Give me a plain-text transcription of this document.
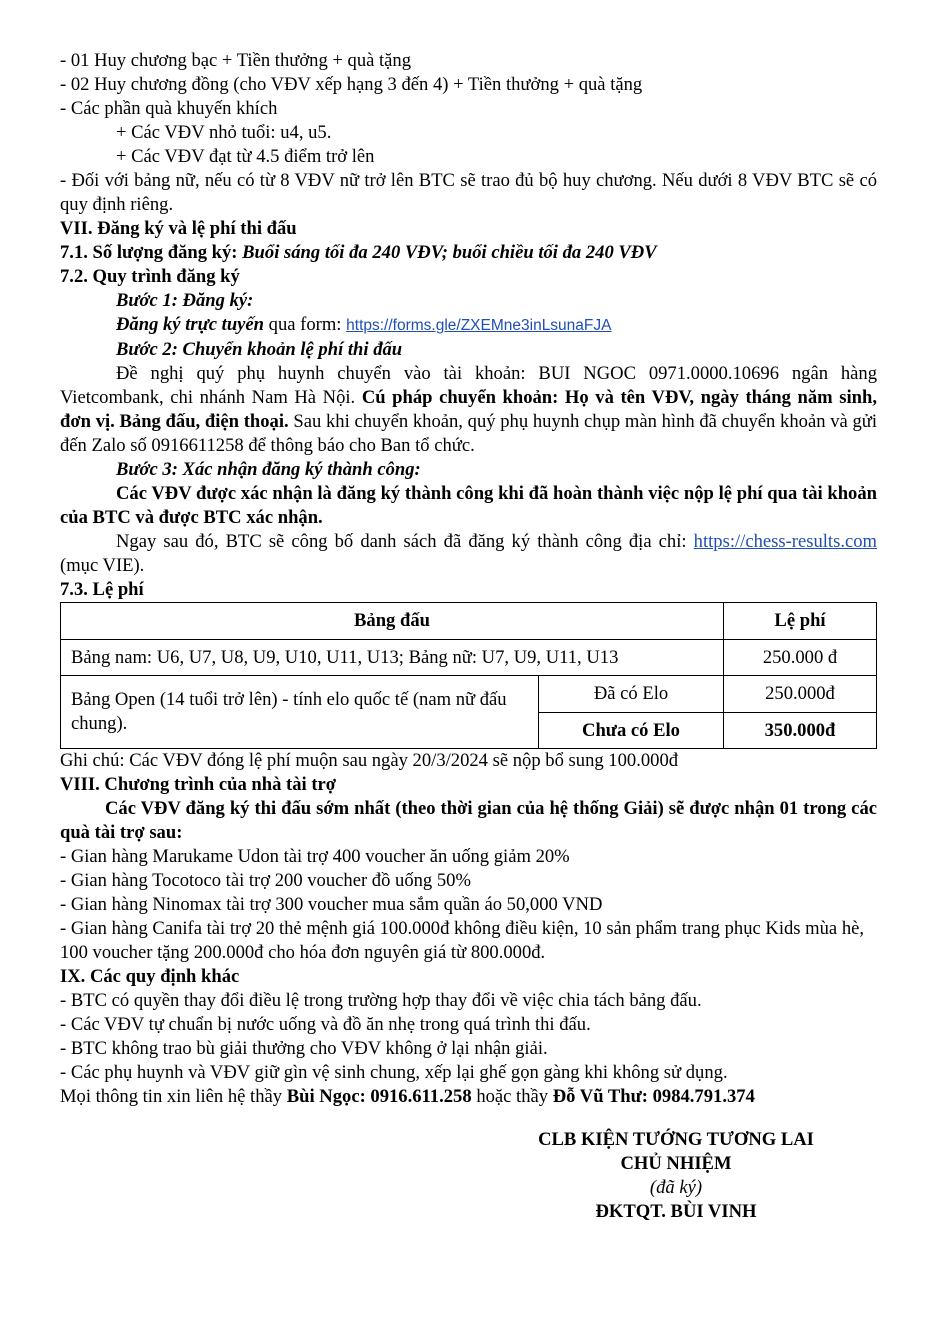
- 01 Huy chương bạc + Tiền thưởng + quà tặng
- 02 Huy chương đồng (cho VĐV xếp hạng 3 đến 4) + Tiền thưởng + quà tặng
- Các phần quà khuyến khích
+ Các VĐV nhỏ tuổi: u4, u5.
+ Các VĐV đạt từ 4.5 điểm trở lên
- Đối với bảng nữ, nếu có từ 8 VĐV nữ trở lên BTC sẽ trao đủ bộ huy chương. Nếu dưới 8 VĐV BTC sẽ có quy định riêng.
VII. Đăng ký và lệ phí thi đấu
7.1. Số lượng đăng ký: Buổi sáng tối đa 240 VĐV; buổi chiều tối đa 240 VĐV
7.2. Quy trình đăng ký
Bước 1: Đăng ký:
Đăng ký trực tuyến qua form: https://forms.gle/ZXEMne3inLsunaFJA
Bước 2: Chuyển khoản lệ phí thi đấu
Đề nghị quý phụ huynh chuyển vào tài khoản: BUI NGOC 0971.0000.10696 ngân hàng Vietcombank, chi nhánh Nam Hà Nội. Cú pháp chuyển khoản: Họ và tên VĐV, ngày tháng năm sinh, đơn vị. Bảng đấu, điện thoại. Sau khi chuyển khoản, quý phụ huynh chụp màn hình đã chuyển khoản và gửi đến Zalo số 0916611258 để thông báo cho Ban tổ chức.
Bước 3: Xác nhận đăng ký thành công:
Các VĐV được xác nhận là đăng ký thành công khi đã hoàn thành việc nộp lệ phí qua tài khoản của BTC và được BTC xác nhận.
Ngay sau đó, BTC sẽ công bố danh sách đã đăng ký thành công địa chỉ: https://chess-results.com (mục VIE).
7.3. Lệ phí
Bảng đấu		Lệ phí
Bảng nam: U6, U7, U8, U9, U10, U11, U13; Bảng nữ: U7, U9, U11, U13		250.000 đ
Bảng Open (14 tuổi trở lên) - tính elo quốc tế (nam nữ đấu chung).	Đã có Elo	250.000đ
	Chưa có Elo	350.000đ
Ghi chú: Các VĐV đóng lệ phí muộn sau ngày 20/3/2024 sẽ nộp bổ sung 100.000đ
VIII. Chương trình của nhà tài trợ
Các VĐV đăng ký thi đấu sớm nhất (theo thời gian của hệ thống Giải) sẽ được nhận 01 trong các quà tài trợ sau:
- Gian hàng Marukame Udon tài trợ 400 voucher ăn uống giảm 20%
- Gian hàng Tocotoco tài trợ 200 voucher đồ uống 50%
- Gian hàng Ninomax tài trợ 300 voucher mua sắm quần áo 50,000 VND
- Gian hàng Canifa tài trợ 20 thẻ mệnh giá 100.000đ không điều kiện, 10 sản phẩm trang phục Kids mùa hè, 100 voucher tặng 200.000đ cho hóa đơn nguyên giá từ 800.000đ.
IX. Các quy định khác
- BTC có quyền thay đổi điều lệ trong trường hợp thay đổi về việc chia tách bảng đấu.
- Các VĐV tự chuẩn bị nước uống và đồ ăn nhẹ trong quá trình thi đấu.
- BTC không trao bù giải thưởng cho VĐV không ở lại nhận giải.
- Các phụ huynh và VĐV giữ gìn vệ sinh chung, xếp lại ghế gọn gàng khi không sử dụng.
Mọi thông tin xin liên hệ thầy Bùi Ngọc: 0916.611.258 hoặc thầy Đỗ Vũ Thư: 0984.791.374
CLB KIỆN TƯỚNG TƯƠNG LAI
CHỦ NHIỆM
(đã ký)
ĐKTQT. BÙI VINH
